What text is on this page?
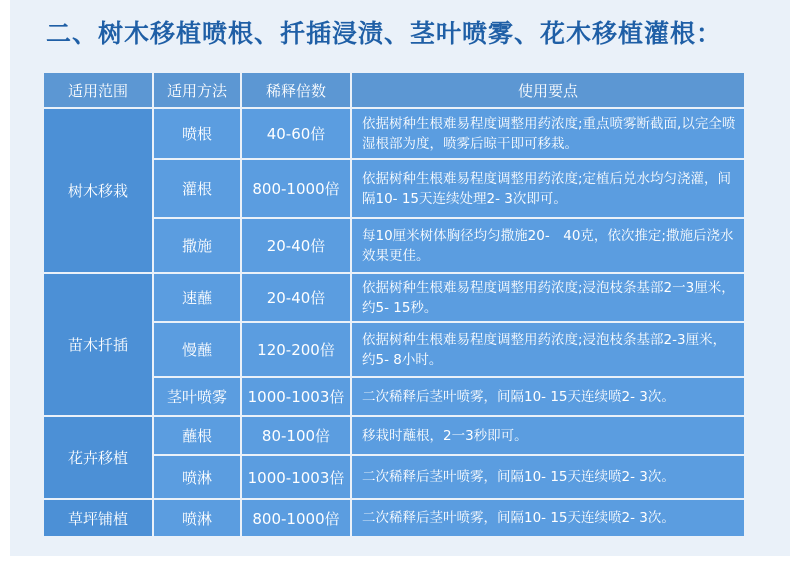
二、树木移植喷根、扦插浸渍、茎叶喷雾、花木移植灌根：
适用范围	适用方法	稀释倍数	使用要点
树木移栽	喷根	40-60倍	依据树种生根难易程度调整用药浓度;重点喷雾断截面,以完全喷湿根部为度，喷雾后晾干即可移栽。
	灌根	800-1000倍	依据树种生根难易程度调整用药浓度;定植后兑水均匀浇灌，间隔10- 15天连续处理2- 3次即可。
	撒施	20-40倍	每10厘米树体胸径均匀撒施20-　40克，依次推定;撒施后浇水效果更佳。
苗木扦插	速蘸	20-40倍	依据树种生根难易程度调整用药浓度;浸泡枝条基部2一3厘米，约5- 15秒。
	慢蘸	120-200倍	依据树种生根难易程度调整用药浓度;浸泡枝条基部2-3厘米，约5- 8小时。
	茎叶喷雾	1000-1003倍	二次稀释后茎叶喷雾，间隔10- 15天连续喷2- 3次。
花卉移植	蘸根	80-100倍	移栽时蘸根，2一3秒即可。
	喷淋	1000-1003倍	二次稀释后茎叶喷雾，间隔10- 15天连续喷2- 3次。
草坪铺植	喷淋	800-1000倍	二次稀释后茎叶喷雾，间隔10- 15天连续喷2- 3次。
